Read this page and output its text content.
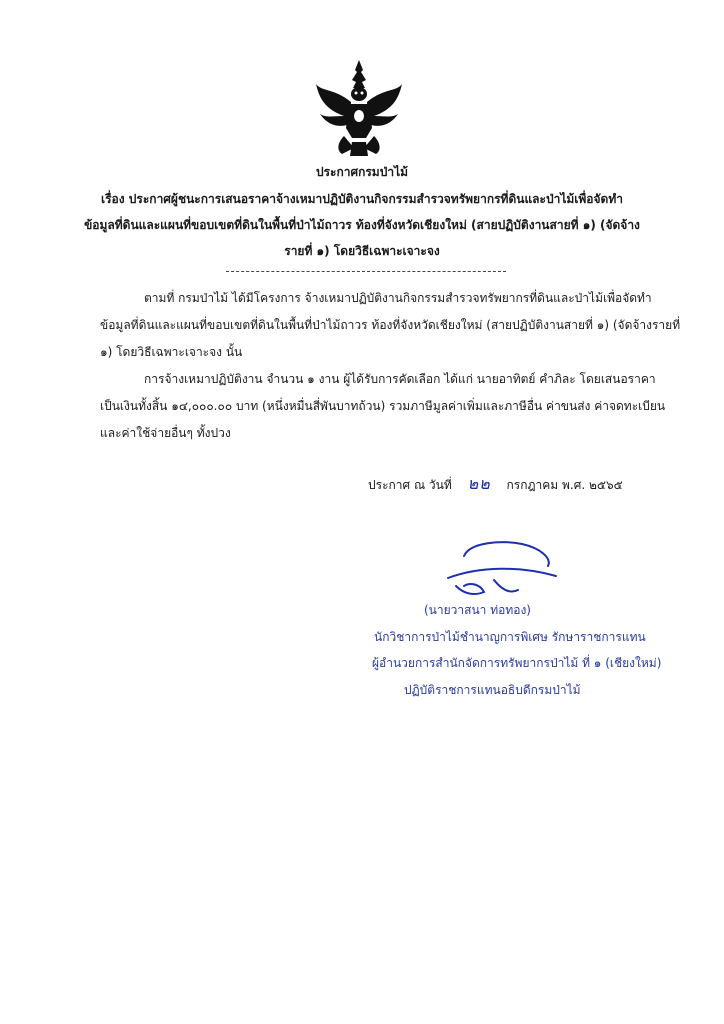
ประกาศกรมป่าไม้
เรื่อง ประกาศผู้ชนะการเสนอราคาจ้างเหมาปฏิบัติงานกิจกรรมสำรวจทรัพยากรที่ดินและป่าไม้เพื่อจัดทำ
ข้อมูลที่ดินและแผนที่ขอบเขตที่ดินในพื้นที่ป่าไม้ถาวร ท้องที่จังหวัดเชียงใหม่ (สายปฏิบัติงานสายที่ ๑) (จัดจ้าง
รายที่ ๑) โดยวิธีเฉพาะเจาะจง
ตามที่ กรมป่าไม้ ได้มีโครงการ จ้างเหมาปฏิบัติงานกิจกรรมสำรวจทรัพยากรที่ดินและป่าไม้เพื่อจัดทำ
ข้อมูลที่ดินและแผนที่ขอบเขตที่ดินในพื้นที่ป่าไม้ถาวร ท้องที่จังหวัดเชียงใหม่ (สายปฏิบัติงานสายที่ ๑) (จัดจ้างรายที่
๑) โดยวิธีเฉพาะเจาะจง นั้น
การจ้างเหมาปฏิบัติงาน จำนวน ๑ งาน ผู้ได้รับการคัดเลือก ได้แก่ นายอาทิตย์ คำภิละ โดยเสนอราคา
เป็นเงินทั้งสิ้น ๑๔,๐๐๐.๐๐ บาท (หนึ่งหมื่นสี่พันบาทถ้วน) รวมภาษีมูลค่าเพิ่มและภาษีอื่น ค่าขนส่ง ค่าจดทะเบียน
และค่าใช้จ่ายอื่นๆ ทั้งปวง
ประกาศ ณ วันที่ ๒๒ กรกฎาคม พ.ศ. ๒๕๖๕
(นายวาสนา ท่อทอง)
นักวิชาการป่าไม้ชำนาญการพิเศษ รักษาราชการแทน
ผู้อำนวยการสำนักจัดการทรัพยากรป่าไม้ ที่ ๑ (เชียงใหม่)
ปฏิบัติราชการแทนอธิบดีกรมป่าไม้
